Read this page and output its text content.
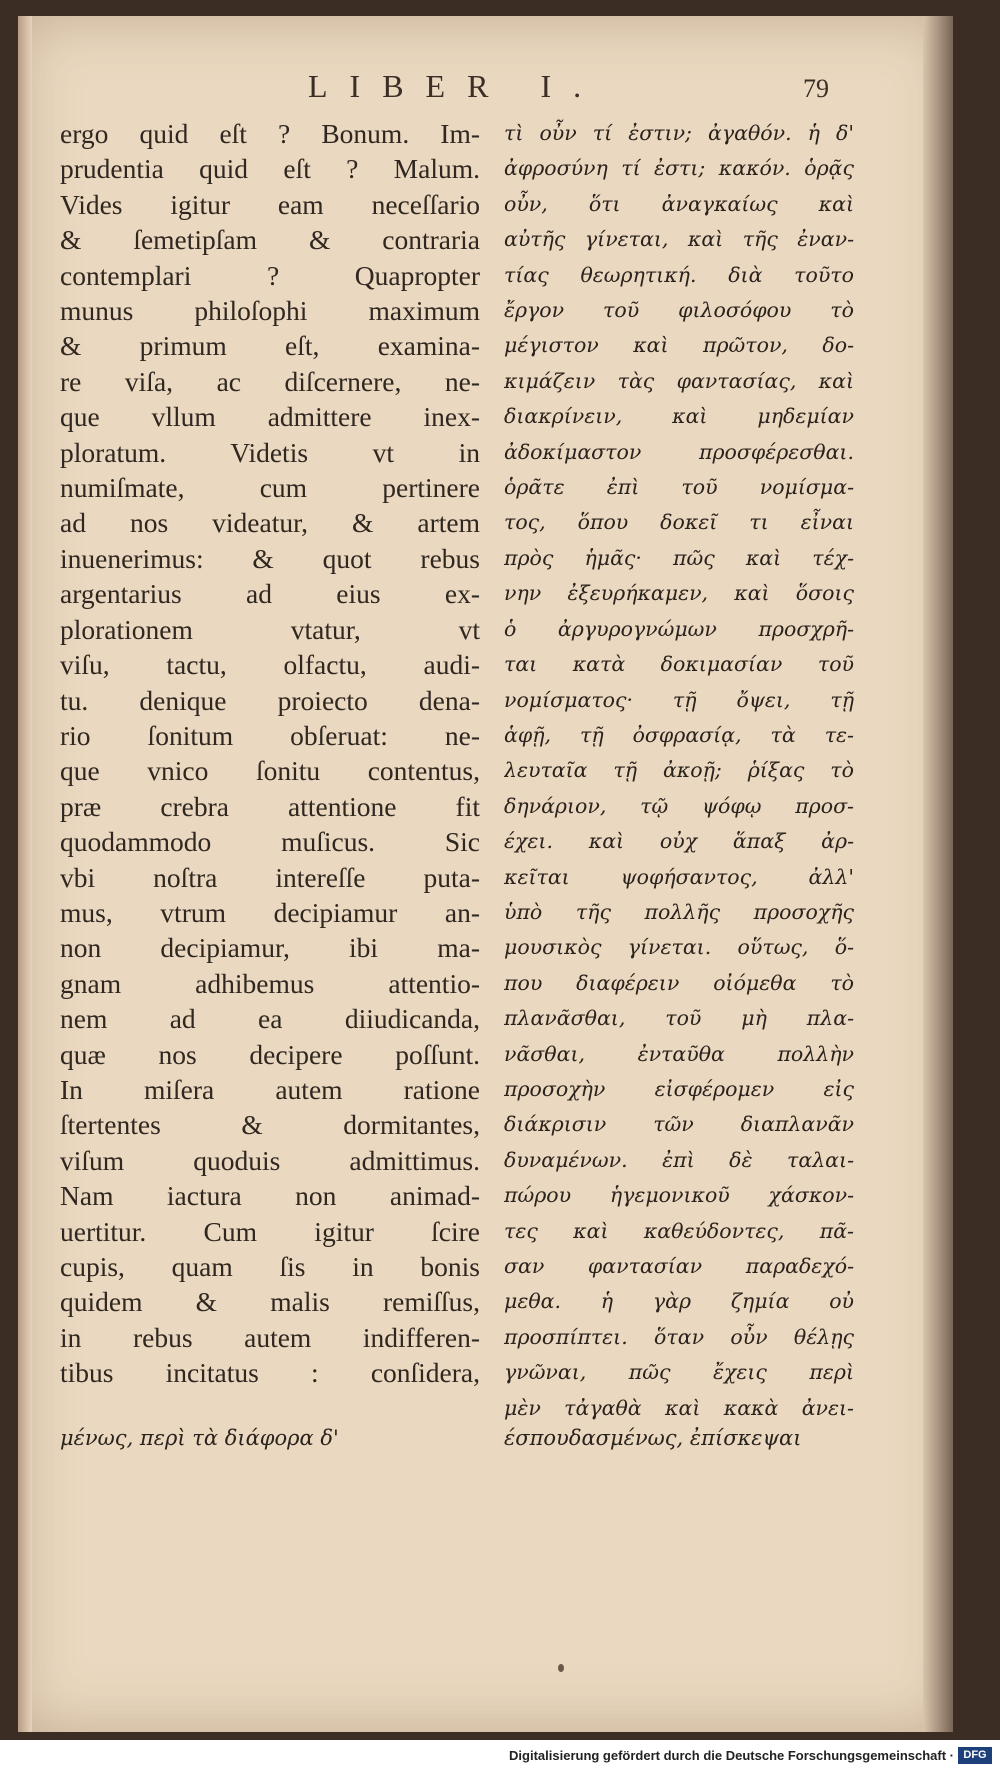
LIBER I.	79
ergo quid eſt ? Bonum. Im-
prudentia quid eſt ? Malum.
Vides igitur eam neceſſario
& ſemetipſam & contraria
contemplari ? Quapropter
munus philoſophi maximum
& primum eſt, examina-
re viſa, ac diſcernere, ne-
que vllum admittere inex-
ploratum. Videtis vt in
numiſmate, cum pertinere
ad nos videatur, & artem
inuenerimus: & quot rebus
argentarius ad eius ex-
plorationem vtatur, vt
viſu, tactu, olfactu, audi-
tu. denique proiecto dena-
rio ſonitum obſeruat: ne-
que vnico ſonitu contentus,
præ crebra attentione fit
quodammodo muſicus. Sic
vbi noſtra intereſſe puta-
mus, vtrum decipiamur an-
non decipiamur, ibi ma-
gnam adhibemus attentio-
nem ad ea diiudicanda,
quæ nos decipere poſſunt.
In miſera autem ratione
ſtertentes & dormitantes,
viſum quoduis admittimus.
Nam iactura non animad-
uertitur. Cum igitur ſcire
cupis, quam ſis in bonis
quidem & malis remiſſus,
in rebus autem indifferen-
tibus incitatus : conſidera,
τὶ οὖν τί ἐστιν; ἀγαθόν. ἡ δ'
ἀφροσύνη τί ἐστι; κακόν. ὁρᾷς
οὖν, ὅτι ἀναγκαίως καὶ
αὐτῆς γίνεται, καὶ τῆς ἐναν-
τίας θεωρητική. διὰ τοῦτο
ἔργον τοῦ φιλοσόφου τὸ
μέγιστον καὶ πρῶτον, δο-
κιμάζειν τὰς φαντασίας, καὶ
διακρίνειν, καὶ μηδεμίαν
ἀδοκίμαστον προσφέρεσθαι.
ὁρᾶτε ἐπὶ τοῦ νομίσμα-
τος, ὅπου δοκεῖ τι εἶναι
πρὸς ἡμᾶς· πῶς καὶ τέχ-
νην ἐξευρήκαμεν, καὶ ὅσοις
ὁ ἀργυρογνώμων προσχρῆ-
ται κατὰ δοκιμασίαν τοῦ
νομίσματος· τῇ ὄψει, τῇ
ἁφῇ, τῇ ὀσφρασίᾳ, τὰ τε-
λευταῖα τῇ ἀκοῇ; ῥίξας τὸ
δηνάριον, τῷ ψόφῳ προσ-
έχει. καὶ οὐχ ἅπαξ ἀρ-
κεῖται ψοφήσαντος, ἀλλ'
ὑπὸ τῆς πολλῆς προσοχῆς
μουσικὸς γίνεται. οὕτως, ὅ-
που διαφέρειν οἰόμεθα τὸ
πλανᾶσθαι, τοῦ μὴ πλα-
νᾶσθαι, ἐνταῦθα πολλὴν
προσοχὴν εἰσφέρομεν εἰς
διάκρισιν τῶν διαπλανᾶν
δυναμένων. ἐπὶ δὲ ταλαι-
πώρου ἡγεμονικοῦ χάσκον-
τες καὶ καθεύδοντες, πᾶ-
σαν φαντασίαν παραδεχό-
μεθα. ἡ γὰρ ζημία οὐ
προσπίπτει. ὅταν οὖν θέλῃς
γνῶναι, πῶς ἔχεις περὶ
μὲν τἀγαθὰ καὶ κακὰ ἀνει-
μένως, περὶ τὰ διάφορα δ'	έσπουδασμένως, ἐπίσκεψαι
Digitalisierung gefördert durch die Deutsche Forschungsgemeinschaft · DFG
